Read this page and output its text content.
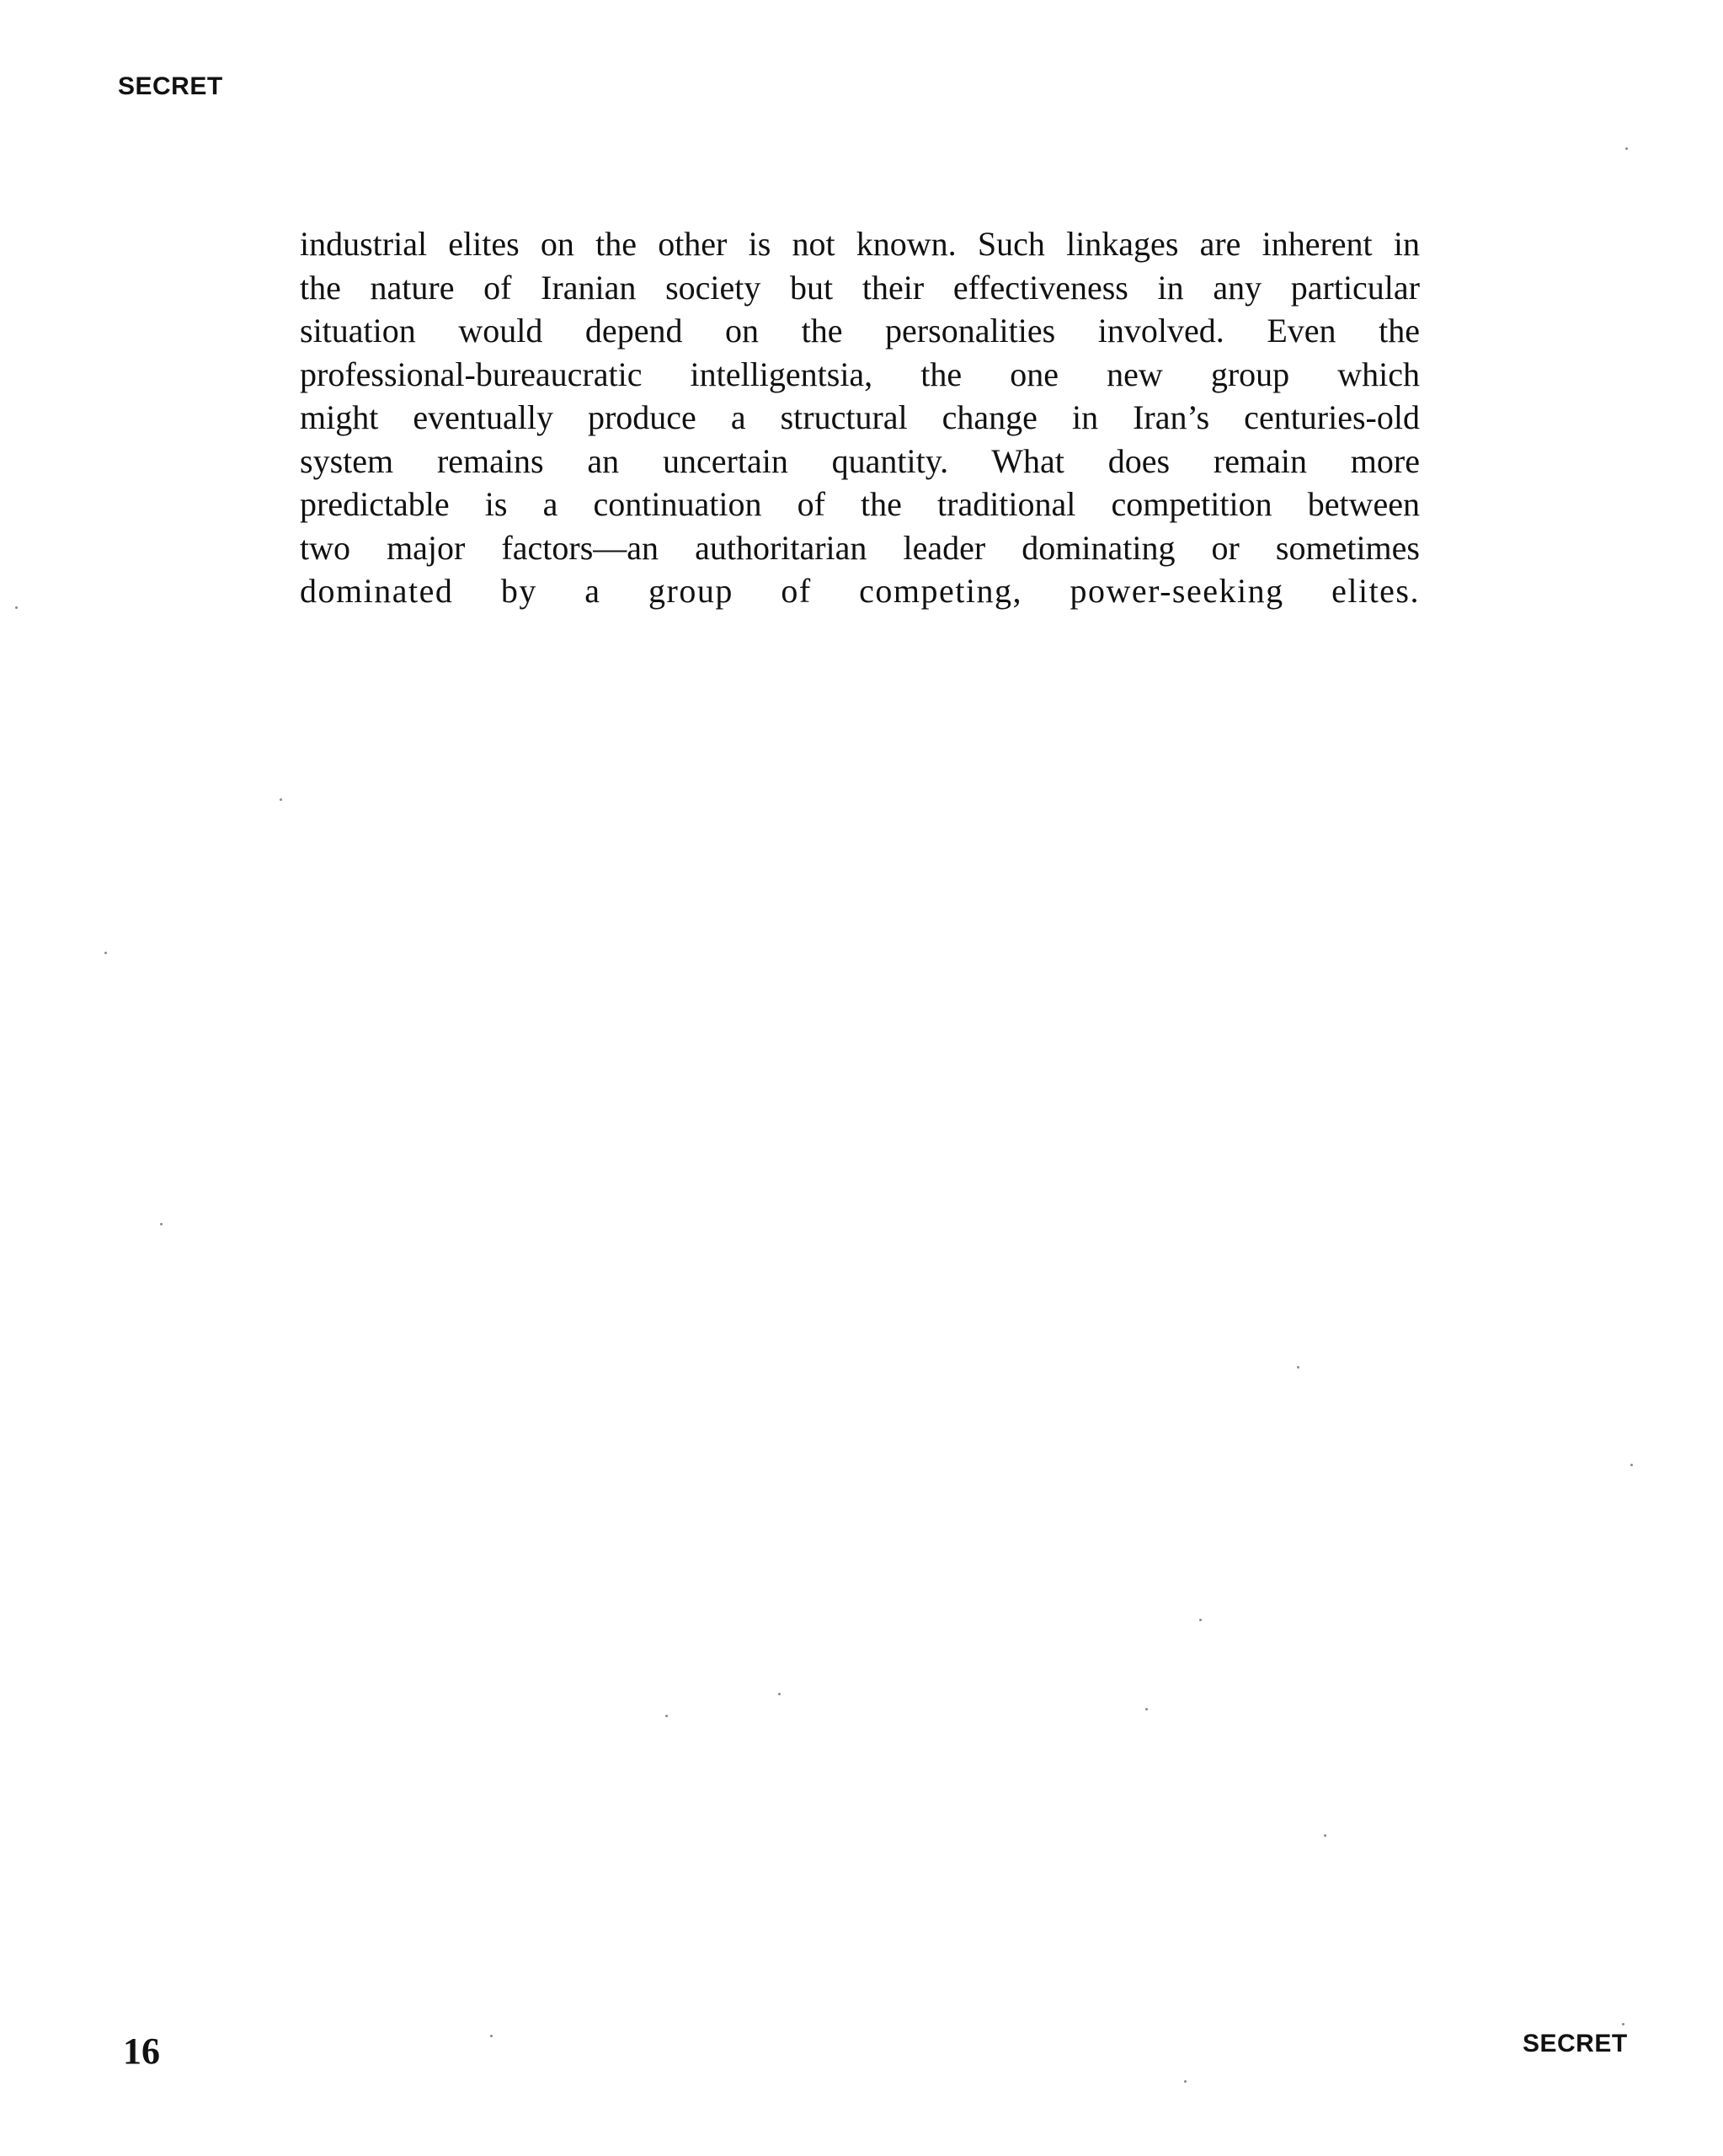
SECRET
industrial elites on the other is not known. Such linkages are inherent in
the nature of Iranian society but their effectiveness in any particular
situation would depend on the personalities involved. Even the
professional-bureaucratic intelligentsia, the one new group which
might eventually produce a structural change in Iran’s centuries-old
system remains an uncertain quantity. What does remain more
predictable is a continuation of the traditional competition between
two major factors—an authoritarian leader dominating or sometimes
dominated by a group of competing, power-seeking elites.
16	SECRET
